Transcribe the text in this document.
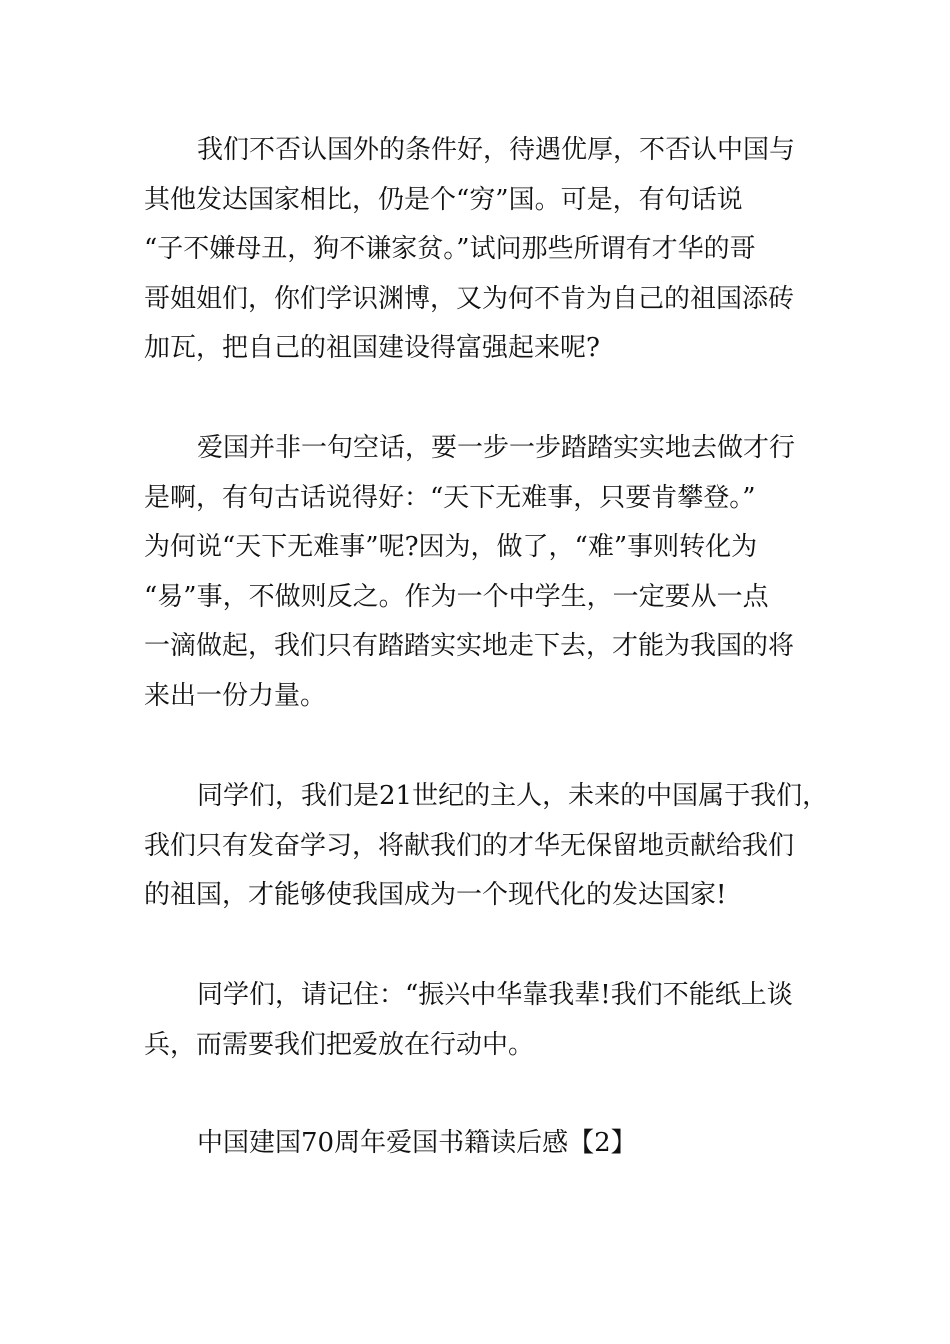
我们不否认国外的条件好，待遇优厚，不否认中国与
其他发达国家相比，仍是个“穷”国。可是，有句话说
“子不嫌母丑，狗不谦家贫。”试问那些所谓有才华的哥
哥姐姐们，你们学识渊博，又为何不肯为自己的祖国添砖
加瓦，把自己的祖国建设得富强起来呢?
爱国并非一句空话，要一步一步踏踏实实地去做才行
是啊，有句古话说得好：“天下无难事，只要肯攀登。”
为何说“天下无难事”呢?因为，做了，“难”事则转化为
“易”事，不做则反之。作为一个中学生，一定要从一点
一滴做起，我们只有踏踏实实地走下去，才能为我国的将
来出一份力量。
同学们，我们是21世纪的主人，未来的中国属于我们，
我们只有发奋学习，将献我们的才华无保留地贡献给我们
的祖国，才能够使我国成为一个现代化的发达国家!
同学们，请记住：“振兴中华靠我辈!我们不能纸上谈
兵，而需要我们把爱放在行动中。
中国建国70周年爱国书籍读后感【2】
